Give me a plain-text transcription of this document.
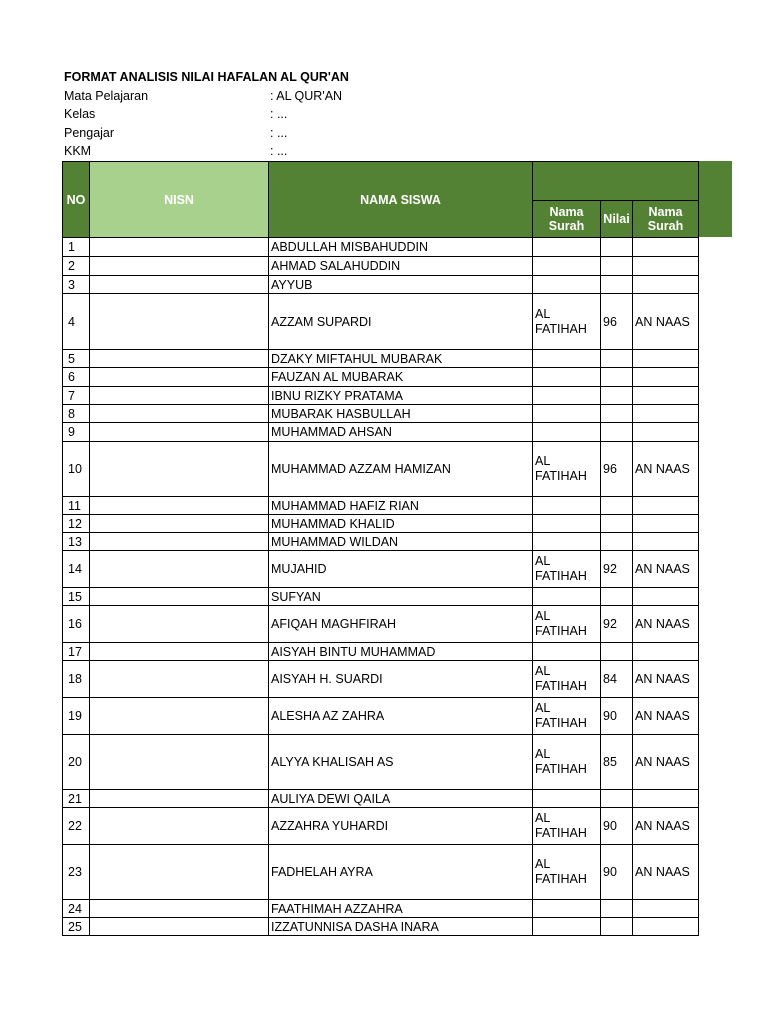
FORMAT ANALISIS NILAI HAFALAN AL QUR'AN
Mata Pelajaran	: AL QUR'AN
Kelas	: ...
Pengajar	: ...
KKM	: ...
NO	NISN	NAMA SISWA			
			Nama Surah	Nilai	Nama Surah
1		ABDULLAH MISBAHUDDIN			
2		AHMAD SALAHUDDIN			
3		AYYUB			
4		AZZAM SUPARDI	AL FATIHAH	96	AN NAAS
5		DZAKY MIFTAHUL MUBARAK			
6		FAUZAN AL MUBARAK			
7		IBNU RIZKY PRATAMA			
8		MUBARAK HASBULLAH			
9		MUHAMMAD AHSAN			
10		MUHAMMAD AZZAM HAMIZAN	AL FATIHAH	96	AN NAAS
11		MUHAMMAD HAFIZ RIAN			
12		MUHAMMAD KHALID			
13		MUHAMMAD WILDAN			
14		MUJAHID	AL FATIHAH	92	AN NAAS
15		SUFYAN			
16		AFIQAH MAGHFIRAH	AL FATIHAH	92	AN NAAS
17		AISYAH BINTU MUHAMMAD			
18		AISYAH H. SUARDI	AL FATIHAH	84	AN NAAS
19		ALESHA AZ ZAHRA	AL FATIHAH	90	AN NAAS
20		ALYYA KHALISAH AS	AL FATIHAH	85	AN NAAS
21		AULIYA DEWI QAILA			
22		AZZAHRA YUHARDI	AL FATIHAH	90	AN NAAS
23		FADHELAH AYRA	AL FATIHAH	90	AN NAAS
24		FAATHIMAH AZZAHRA			
25		IZZATUNNISA DASHA INARA			
